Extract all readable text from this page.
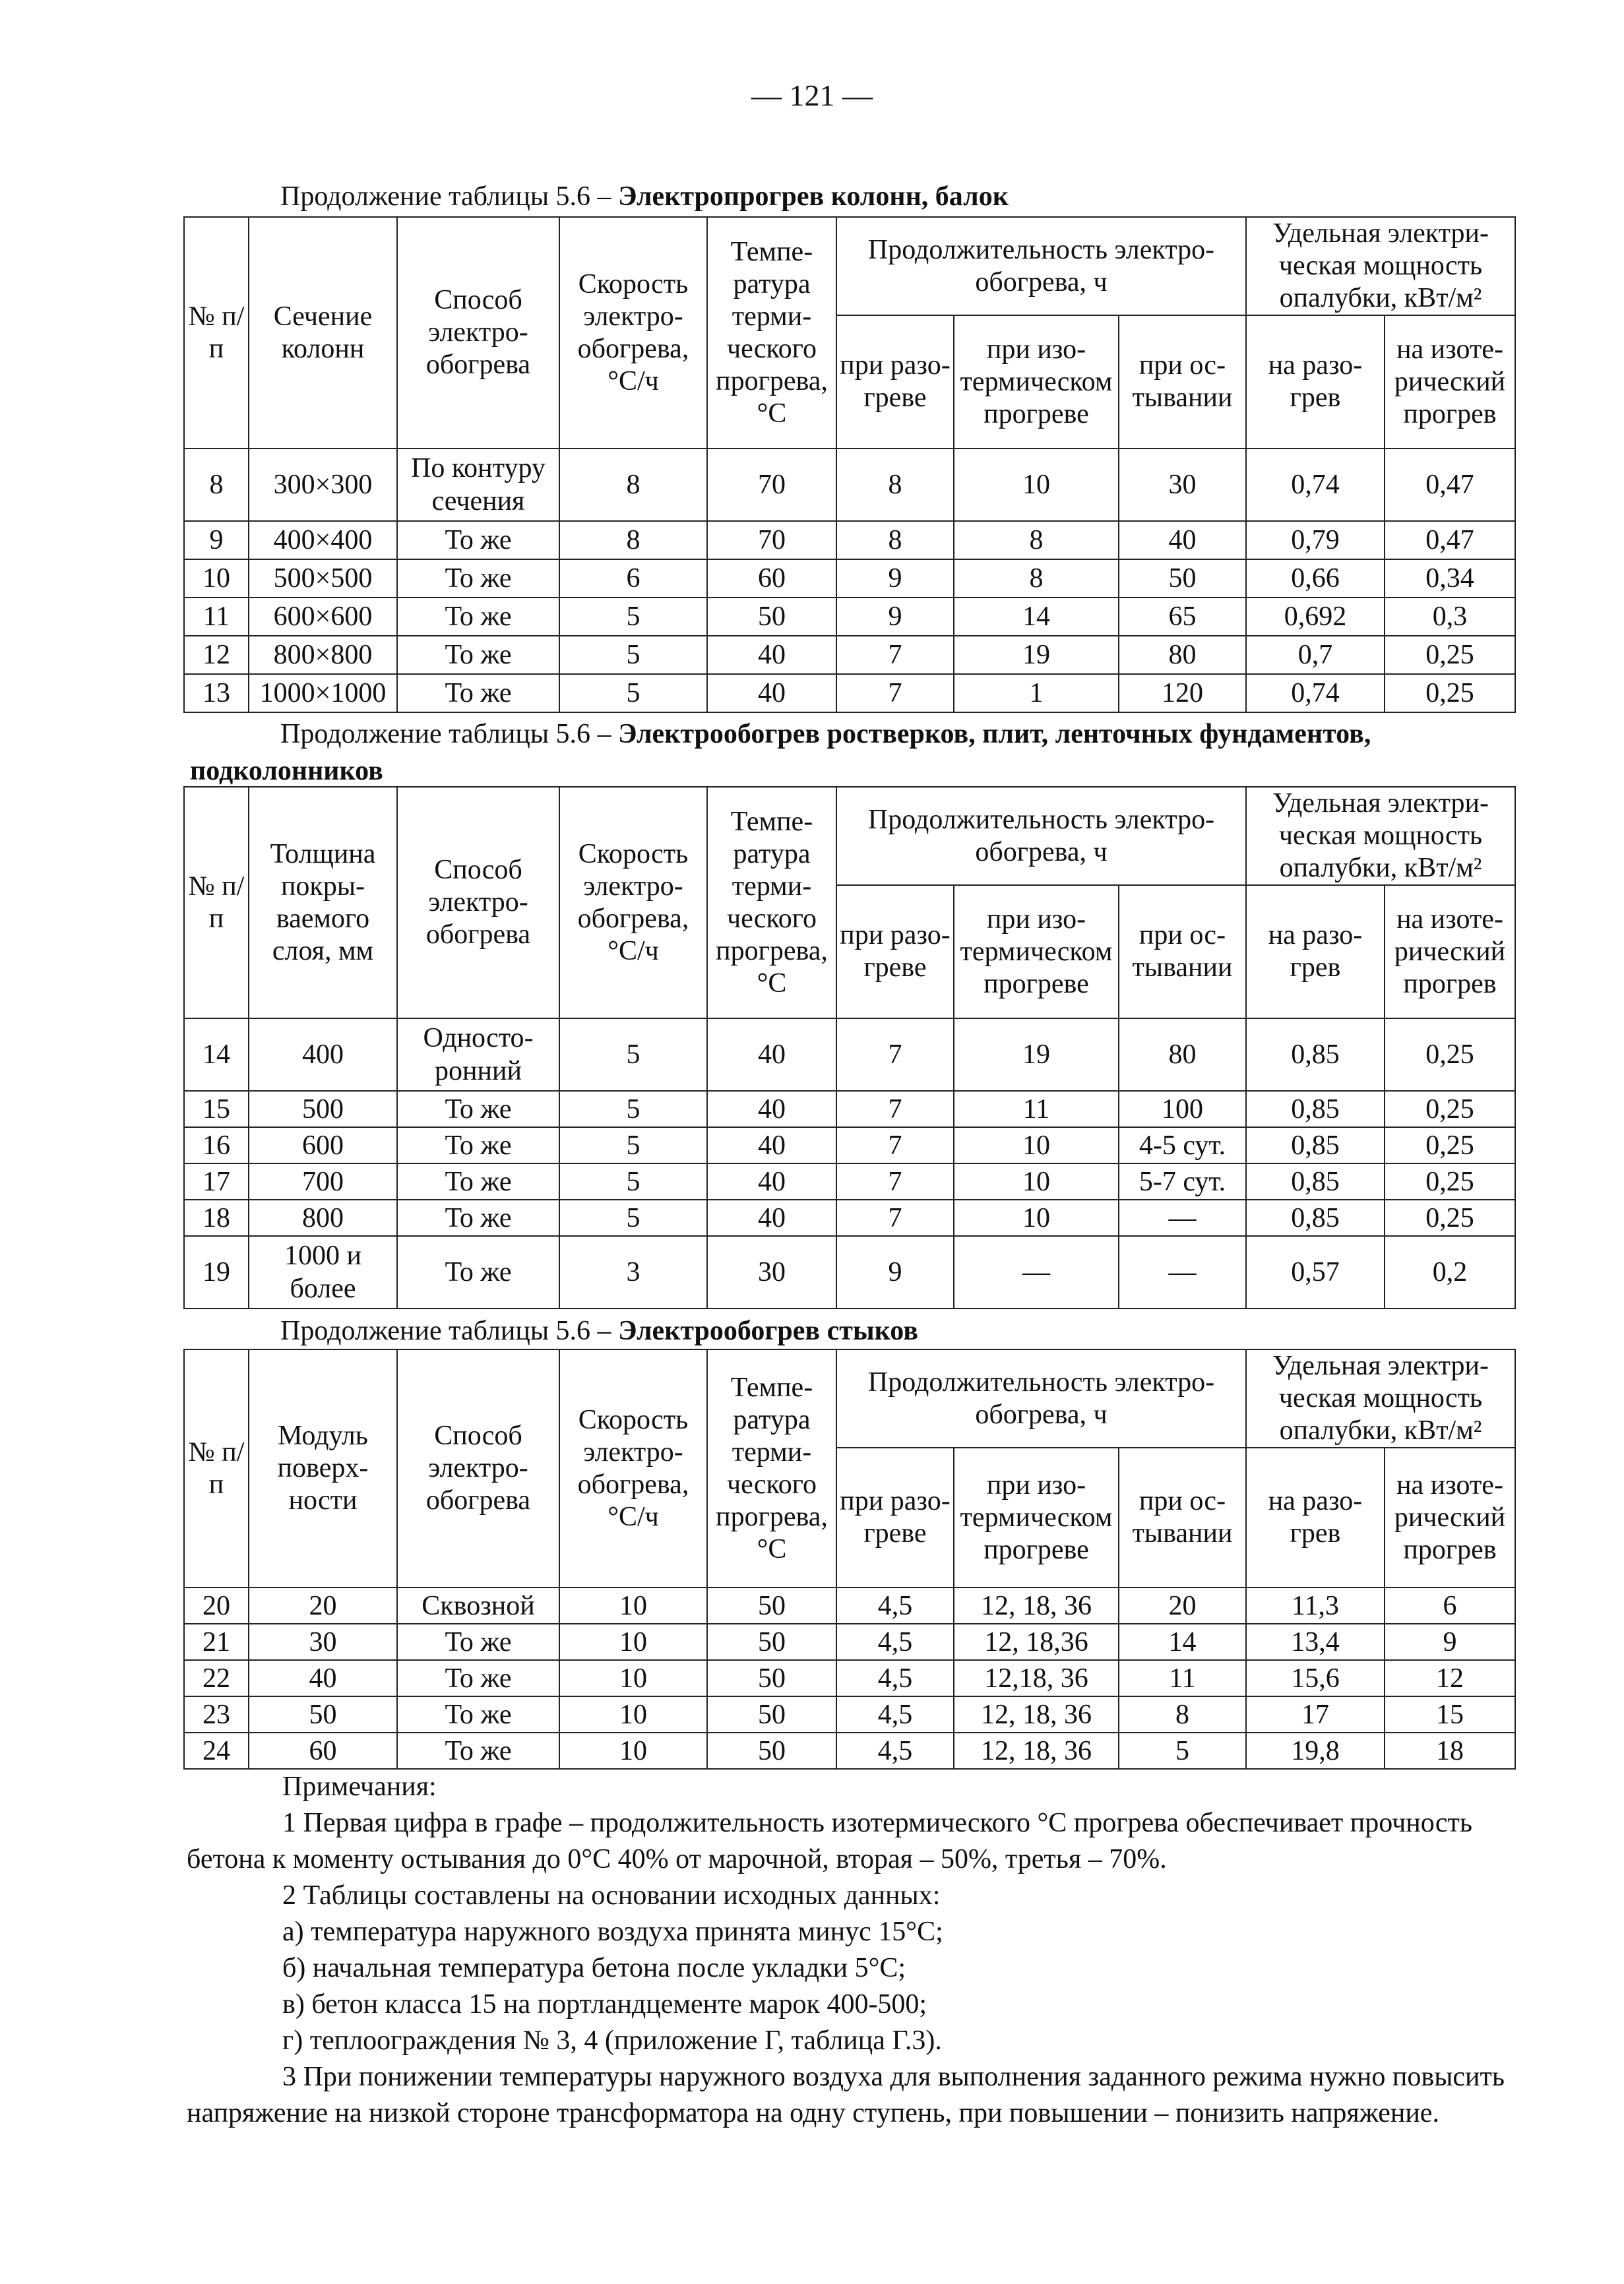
— 121 —
Продолжение таблицы 5.6 – Электропрогрев колонн, балок
№ п/п	Сечение колонн	Способ электрообогрева	Скорость электрообогрева, °С/ч	Температура термического прогрева, °С	Продолжительность электрообогрева, ч			Удельная электрическая мощность опалубки, кВт/м²	
					при разогреве	при изотермическом прогреве	при остывании	на разогрев	на изотерический прогрев
8	300×300	По контуру сечения	8	70	8	10	30	0,74	0,47
9	400×400	То же	8	70	8	8	40	0,79	0,47
10	500×500	То же	6	60	9	8	50	0,66	0,34
11	600×600	То же	5	50	9	14	65	0,692	0,3
12	800×800	То же	5	40	7	19	80	0,7	0,25
13	1000×1000	То же	5	40	7	1	120	0,74	0,25
Продолжение таблицы 5.6 – Электрообогрев ростверков, плит, ленточных фундаментов, подколонников
№ п/п	Толщина покрываемого слоя, мм	Способ электрообогрева	Скорость электрообогрева, °С/ч	Температура термического прогрева, °С	Продолжительность электрообогрева, ч			Удельная электрическая мощность опалубки, кВт/м²	
					при разогреве	при изотермическом прогреве	при остывании	на разогрев	на изотерический прогрев
14	400	Односторонний	5	40	7	19	80	0,85	0,25
15	500	То же	5	40	7	11	100	0,85	0,25
16	600	То же	5	40	7	10	4-5 сут.	0,85	0,25
17	700	То же	5	40	7	10	5-7 сут.	0,85	0,25
18	800	То же	5	40	7	10	—	0,85	0,25
19	1000 и более	То же	3	30	9	—	—	0,57	0,2
Продолжение таблицы 5.6 – Электрообогрев стыков
№ п/п	Модуль поверхности	Способ электрообогрева	Скорость электрообогрева, °С/ч	Температура термического прогрева, °С	Продолжительность электрообогрева, ч			Удельная электрическая мощность опалубки, кВт/м²	
					при разогреве	при изотермическом прогреве	при остывании	на разогрев	на изотерический прогрев
20	20	Сквозной	10	50	4,5	12, 18, 36	20	11,3	6
21	30	То же	10	50	4,5	12, 18,36	14	13,4	9
22	40	То же	10	50	4,5	12,18, 36	11	15,6	12
23	50	То же	10	50	4,5	12, 18, 36	8	17	15
24	60	То же	10	50	4,5	12, 18, 36	5	19,8	18

Примечания:

1 Первая цифра в графе – продолжительность изотермического °С прогрева обеспечивает прочность бетона к моменту остывания до 0°С 40% от марочной, вторая – 50%, третья – 70%.

2 Таблицы составлены на основании исходных данных:

а) температура наружного воздуха принята минус 15°С;

б) начальная температура бетона после укладки 5°С;

в) бетон класса 15 на портландцементе марок 400-500;

г) теплоограждения № 3, 4 (приложение Г, таблица Г.3).

3 При понижении температуры наружного воздуха для выполнения заданного режима нужно повысить напряжение на низкой стороне трансформатора на одну ступень, при повышении – понизить напряжение.
